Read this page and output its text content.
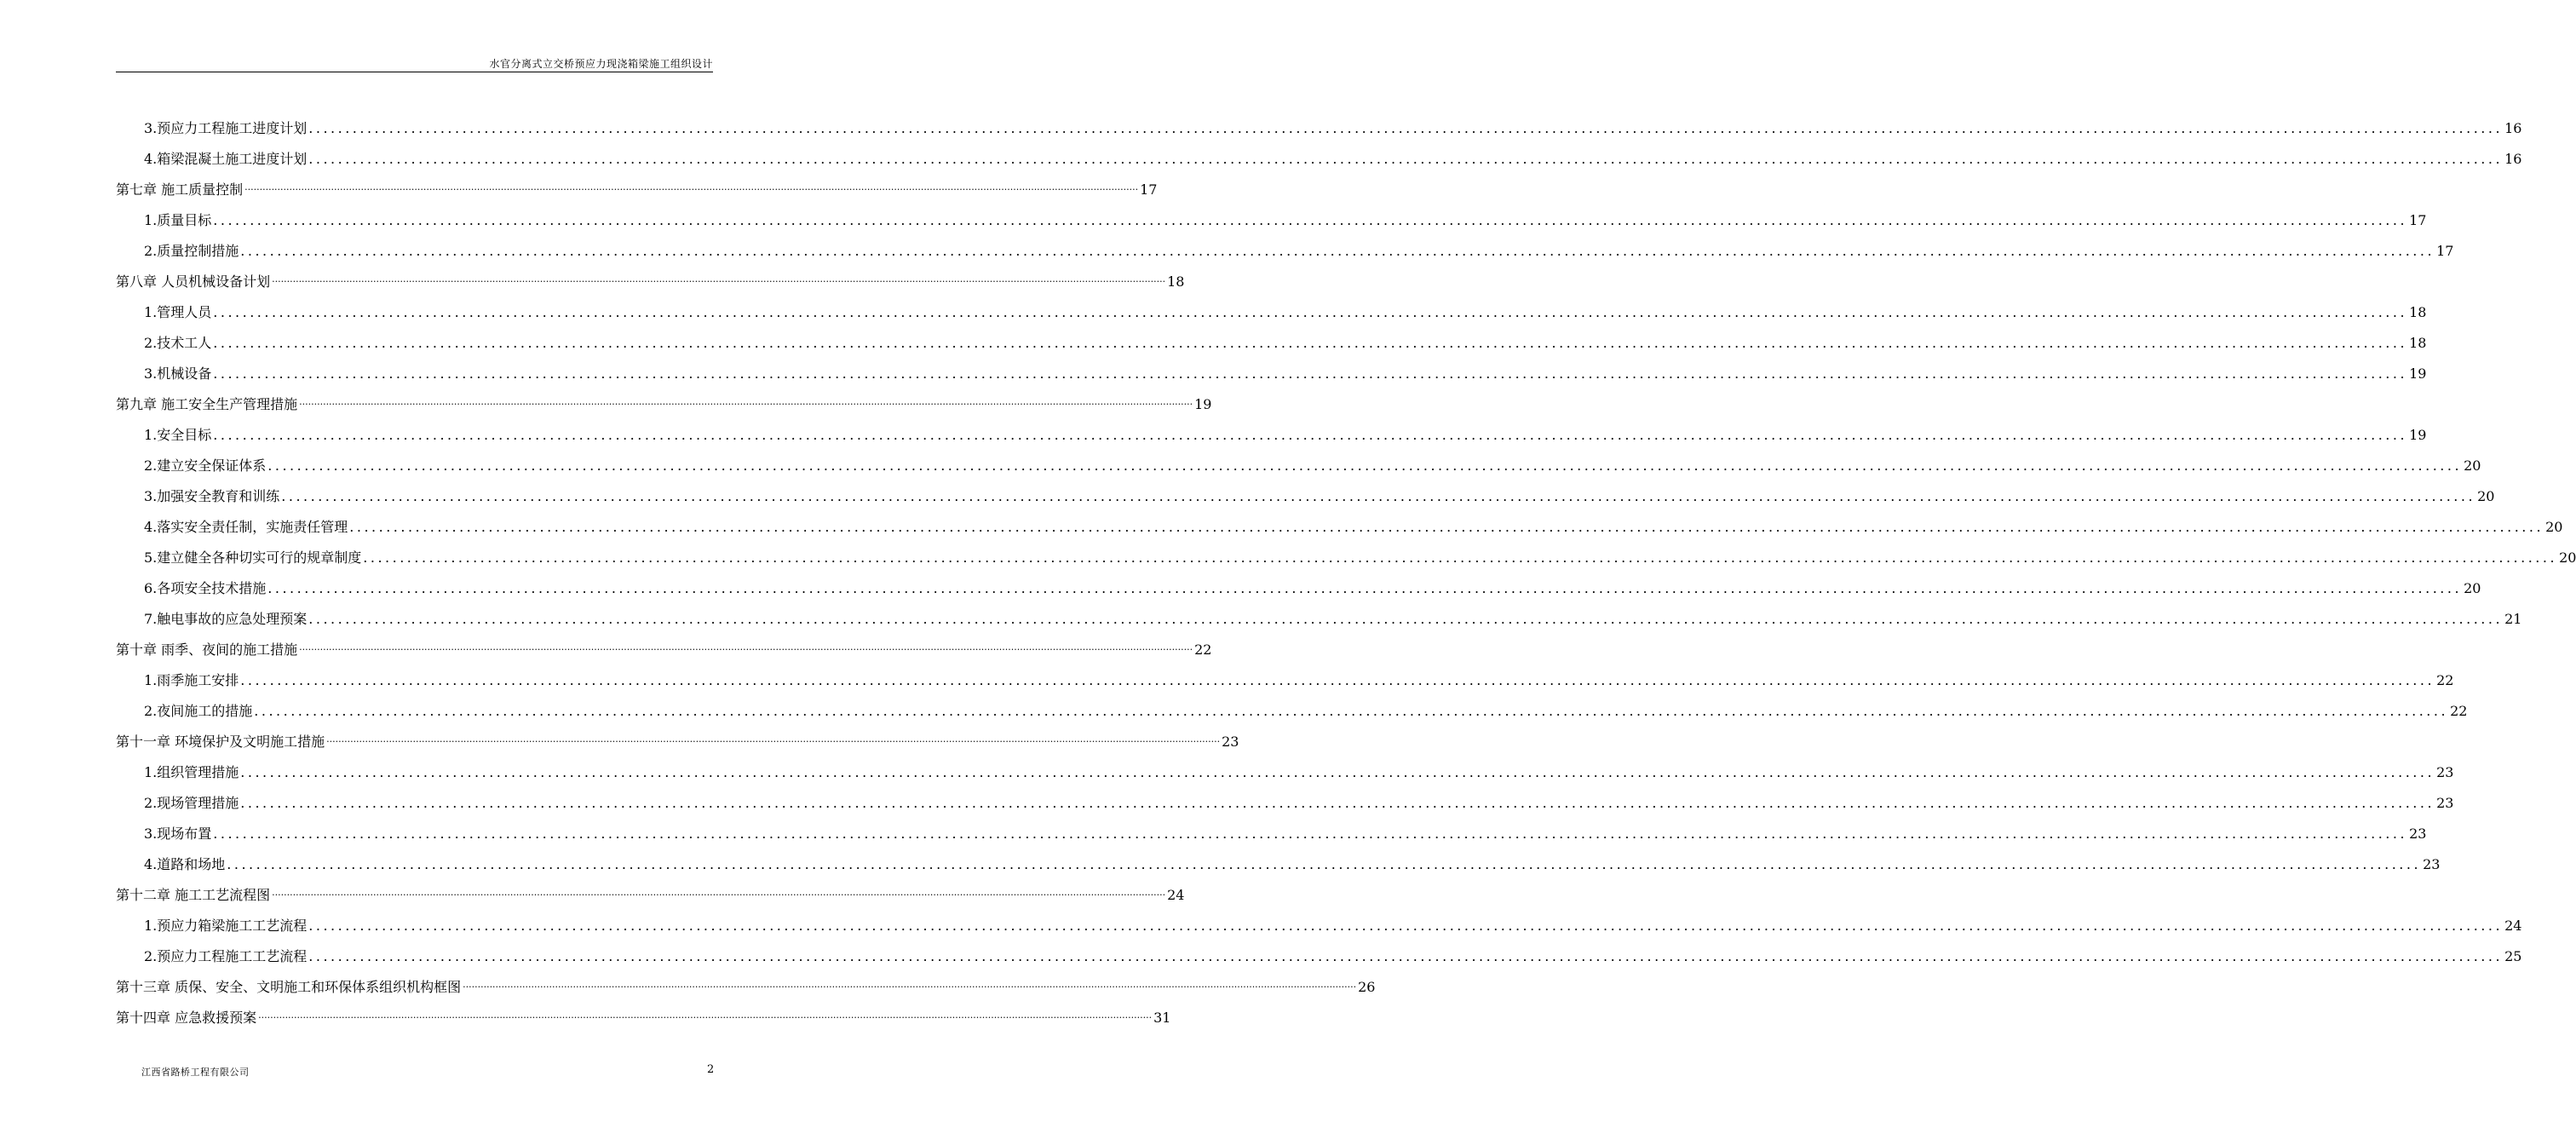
水官分离式立交桥预应力现浇箱梁施工组织设计
3.预应力工程施工进度计划 ............................................................................................................................................................................................................................................................................................................ 16
4.箱梁混凝土施工进度计划 ............................................................................................................................................................................................................................................................................................................ 16
第七章 施工质量控制 ............................................................................................................................................................................................................................................................................................................ 17
1.质量目标 ............................................................................................................................................................................................................................................................................................................ 17
2.质量控制措施 ............................................................................................................................................................................................................................................................................................................ 17
第八章 人员机械设备计划 ............................................................................................................................................................................................................................................................................................................ 18
1.管理人员 ............................................................................................................................................................................................................................................................................................................ 18
2.技术工人 ............................................................................................................................................................................................................................................................................................................ 18
3.机械设备 ............................................................................................................................................................................................................................................................................................................ 19
第九章 施工安全生产管理措施 ............................................................................................................................................................................................................................................................................................................ 19
1.安全目标 ............................................................................................................................................................................................................................................................................................................ 19
2.建立安全保证体系 ............................................................................................................................................................................................................................................................................................................ 20
3.加强安全教育和训练 ............................................................................................................................................................................................................................................................................................................ 20
4.落实安全责任制，实施责任管理 ............................................................................................................................................................................................................................................................................................................ 20
5.建立健全各种切实可行的规章制度 ............................................................................................................................................................................................................................................................................................................ 20
6.各项安全技术措施 ............................................................................................................................................................................................................................................................................................................ 20
7.触电事故的应急处理预案 ............................................................................................................................................................................................................................................................................................................ 21
第十章 雨季、夜间的施工措施 ............................................................................................................................................................................................................................................................................................................ 22
1.雨季施工安排 ............................................................................................................................................................................................................................................................................................................ 22
2.夜间施工的措施 ............................................................................................................................................................................................................................................................................................................ 22
第十一章 环境保护及文明施工措施 ............................................................................................................................................................................................................................................................................................................ 23
1.组织管理措施 ............................................................................................................................................................................................................................................................................................................ 23
2.现场管理措施 ............................................................................................................................................................................................................................................................................................................ 23
3.现场布置 ............................................................................................................................................................................................................................................................................................................ 23
4.道路和场地 ............................................................................................................................................................................................................................................................................................................ 23
第十二章 施工工艺流程图 ............................................................................................................................................................................................................................................................................................................ 24
1.预应力箱梁施工工艺流程 ............................................................................................................................................................................................................................................................................................................ 24
2.预应力工程施工工艺流程 ............................................................................................................................................................................................................................................................................................................ 25
第十三章 质保、安全、文明施工和环保体系组织机构框图 ............................................................................................................................................................................................................................................................................................................ 26
第十四章 应急救援预案 ............................................................................................................................................................................................................................................................................................................ 31
江西省路桥工程有限公司	2
